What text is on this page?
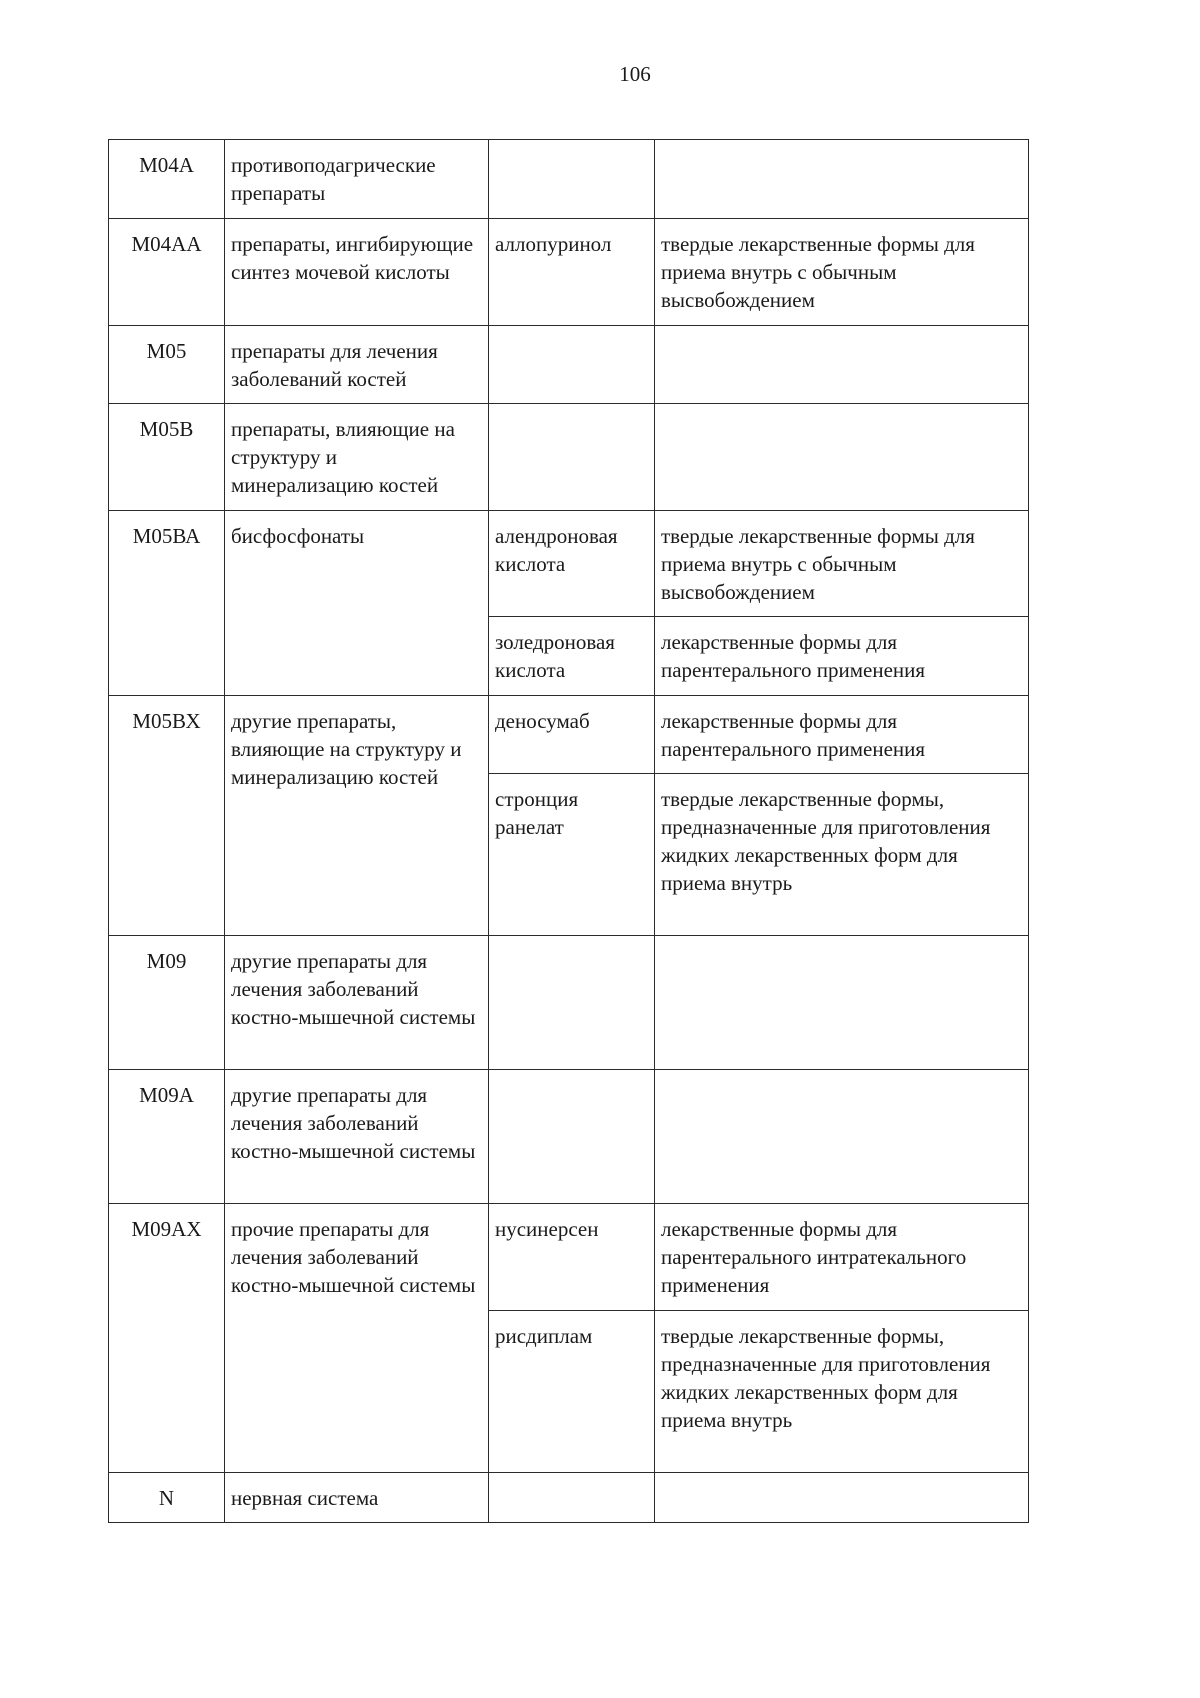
106
М04А	противоподагрические препараты		
М04АА	препараты, ингибирующие синтез мочевой кислоты	аллопуринол	твердые лекарственные формы для приема внутрь с обычным высвобождением
М05	препараты для лечения заболеваний костей		
М05В	препараты, влияющие на структуру и минерализацию костей		
М05ВА	бисфосфонаты	алендроновая кислота	твердые лекарственные формы для приема внутрь с обычным высвобождением
		золедроновая кислота	лекарственные формы для парентерального применения
М05ВХ	другие препараты, влияющие на структуру и минерализацию костей	деносумаб	лекарственные формы для парентерального применения
		стронция ранелат	твердые лекарственные формы, предназначенные для приготовления жидких лекарственных форм для приема внутрь
М09	другие препараты для лечения заболеваний костно-мышечной системы		
М09А	другие препараты для лечения заболеваний костно-мышечной системы		
М09АХ	прочие препараты для лечения заболеваний костно-мышечной системы	нусинерсен	лекарственные формы для парентерального интратекального применения
		рисдиплам	твердые лекарственные формы, предназначенные для приготовления жидких лекарственных форм для приема внутрь
N	нервная система		
